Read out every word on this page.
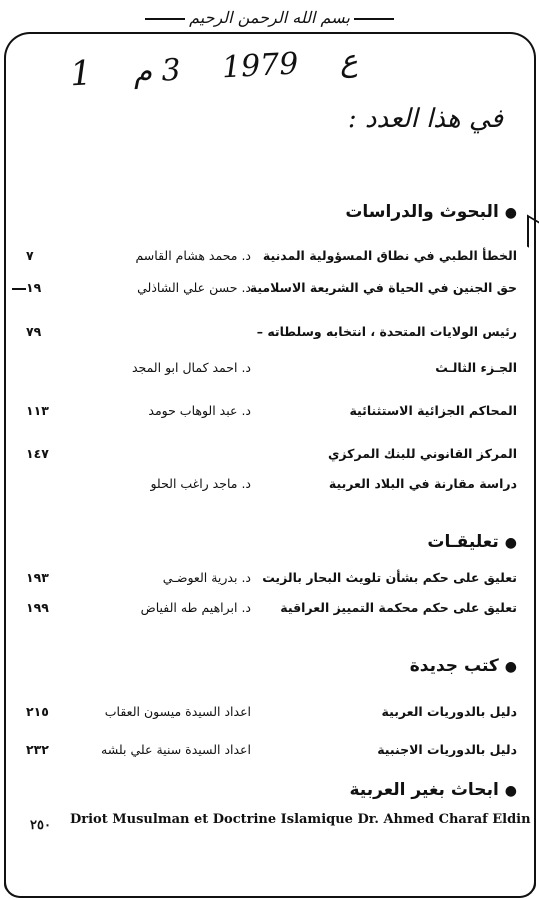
بسم الله الرحمن الرحيم
1	ع 1979 3 م
في هذا العدد :
●البحوث والدراسات
الخطأ الطبي في نطاق المسؤولية المدنية
د. محمد هشام القاسم
٧
حق الجنين في الحياة في الشريعة الاسلامية
د. حسن علي الشاذلي
١٩
رئيس الولايات المتحدة ، انتخابه وسلطاته –
٧٩
الجـزء الثالـث
د. احمد كمال ابو المجد
المحاكم الجزائية الاستثنائية
د. عبد الوهاب حومد
١١٣
المركز القانوني للبنك المركزي
١٤٧
دراسة مقارنة في البلاد العربية
د. ماجد راغب الحلو
●تعليقـات
تعليق على حكم بشأن تلويث البحار بالزيت
د. بدرية العوضـي
١٩٣
تعليق على حكم محكمة التمييز العراقية
د. ابراهيم طه الفياض
١٩٩
●كتب جديدة
دليل بالدوريات العربية
اعداد السيدة ميسون العقاب
٢١٥
دليل بالدوريات الاجنبية
اعداد السيدة سنية علي بلشه
٢٣٢
●ابحاث بغير العربية
Driot Musulman et Doctrine Islamique Dr. Ahmed Charaf Eldin
٢٥٠
